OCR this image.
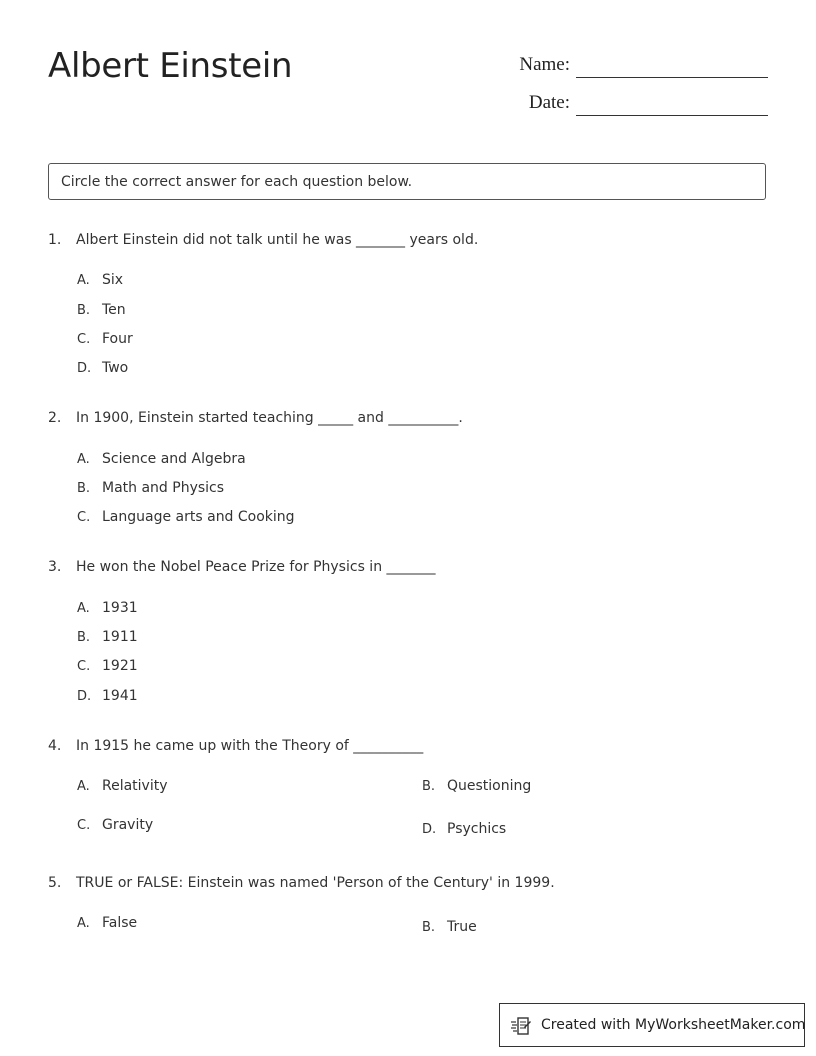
Albert Einstein	Name:
Date:
Circle the correct answer for each question below.
1. Albert Einstein did not talk until he was _______ years old.
A. Six
B. Ten
C. Four
D. Two
2. In 1900, Einstein started teaching _____ and __________.
A. Science and Algebra
B. Math and Physics
C. Language arts and Cooking
3. He won the Nobel Peace Prize for Physics in _______
A. 1931
B. 1911
C. 1921
D. 1941
4. In 1915 he came up with the Theory of __________
A. Relativity	B. Questioning
C. Gravity	D. Psychics
5. TRUE or FALSE: Einstein was named 'Person of the Century' in 1999.
A. False	B. True
Created with MyWorksheetMaker.com
